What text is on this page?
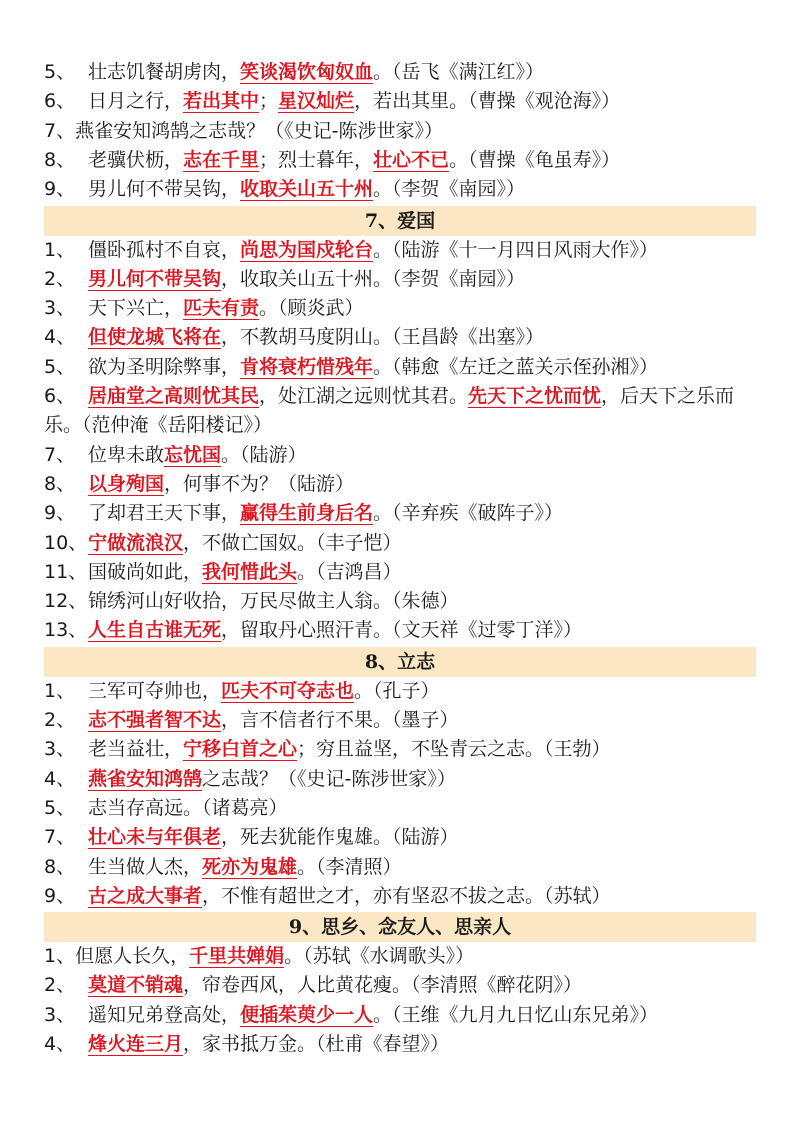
5、 壮志饥餐胡虏肉，笑谈渴饮匈奴血。（岳飞《满江红》）
6、 日月之行，若出其中；星汉灿烂，若出其里。（曹操《观沧海》）
7、燕雀安知鸿鹄之志哉？（《史记-陈涉世家》）
8、 老骥伏枥，志在千里；烈士暮年，壮心不已。（曹操《龟虽寿》）
9、 男儿何不带吴钩，收取关山五十州。（李贺《南园》）
7、爱国
1、 僵卧孤村不自哀，尚思为国戍轮台。（陆游《十一月四日风雨大作》）
2、 男儿何不带吴钩，收取关山五十州。（李贺《南园》）
3、 天下兴亡，匹夫有责。（顾炎武）
4、 但使龙城飞将在，不教胡马度阴山。（王昌龄《出塞》）
5、 欲为圣明除弊事，肯将衰朽惜残年。（韩愈《左迁之蓝关示侄孙湘》）
6、 居庙堂之高则忧其民，处江湖之远则忧其君。先天下之忧而忧，后天下之乐而乐。（范仲淹《岳阳楼记》）
7、 位卑未敢忘忧国。（陆游）
8、 以身殉国，何事不为？（陆游）
9、 了却君王天下事，赢得生前身后名。（辛弃疾《破阵子》）
10、宁做流浪汉，不做亡国奴。（丰子恺）
11、国破尚如此，我何惜此头。（吉鸿昌）
12、锦绣河山好收拾，万民尽做主人翁。（朱德）
13、人生自古谁无死，留取丹心照汗青。（文天祥《过零丁洋》）
8、立志
1、 三军可夺帅也，匹夫不可夺志也。（孔子）
2、 志不强者智不达，言不信者行不果。（墨子）
3、 老当益壮，宁移白首之心；穷且益坚，不坠青云之志。（王勃）
4、 燕雀安知鸿鹄之志哉？（《史记-陈涉世家》）
5、 志当存高远。（诸葛亮）
7、 壮心未与年俱老，死去犹能作鬼雄。（陆游）
8、 生当做人杰，死亦为鬼雄。（李清照）
9、 古之成大事者，不惟有超世之才，亦有坚忍不拔之志。（苏轼）
9、思乡、念友人、思亲人
1、但愿人长久，千里共婵娟。（苏轼《水调歌头》）
2、 莫道不销魂，帘卷西风，人比黄花瘦。（李清照《醉花阴》）
3、 遥知兄弟登高处，便插茱萸少一人。（王维《九月九日忆山东兄弟》）
4、 烽火连三月，家书抵万金。（杜甫《春望》）
